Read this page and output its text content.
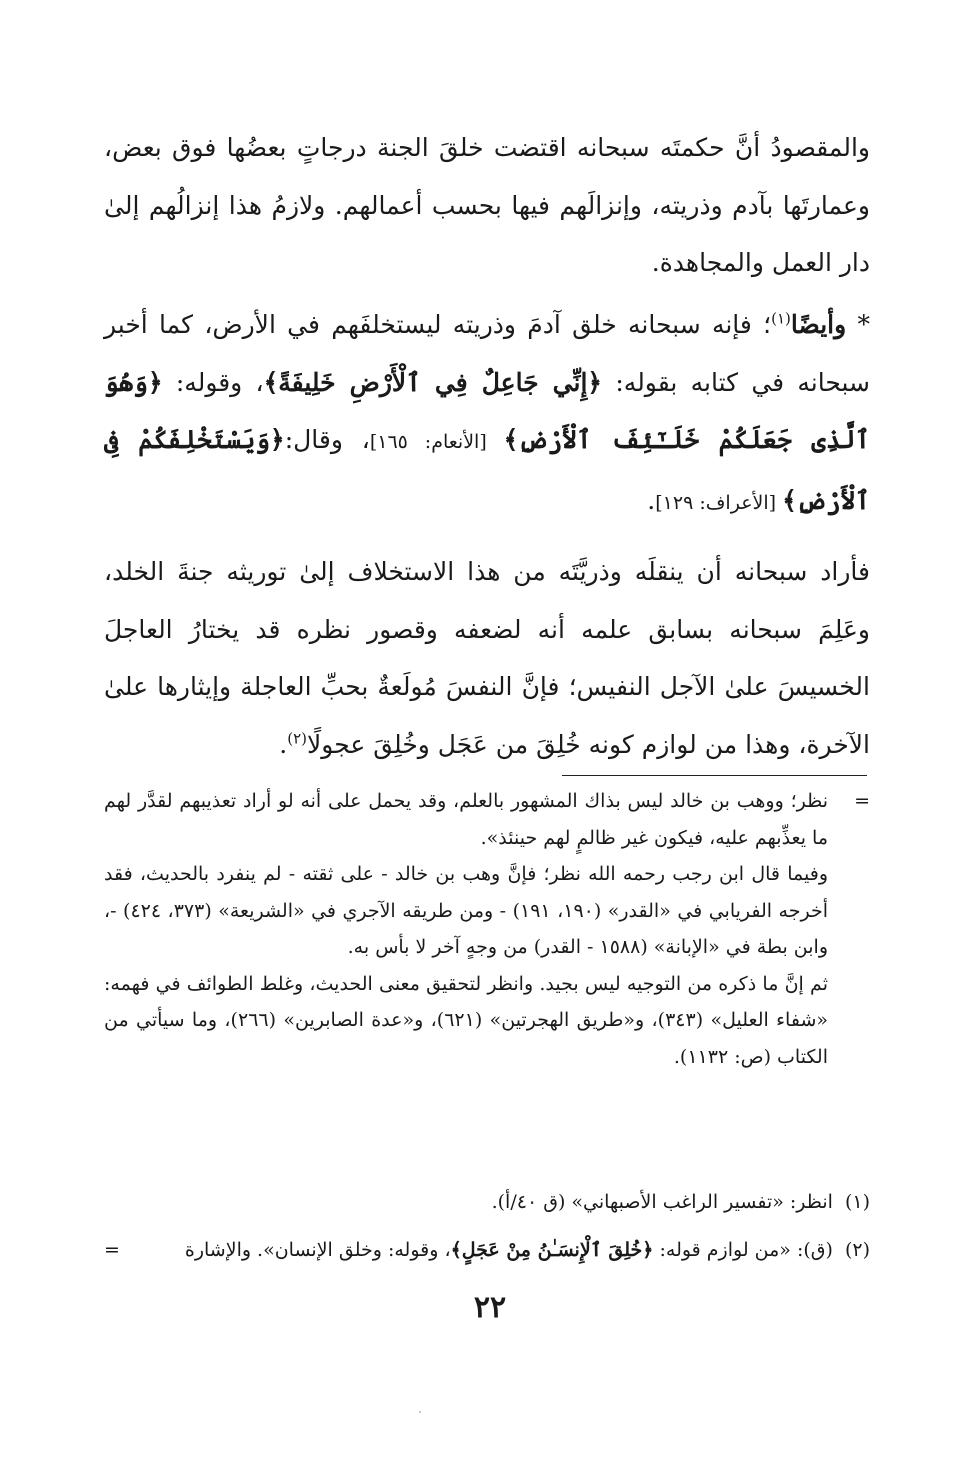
والمقصودُ أنَّ حكمتَه سبحانه اقتضت خلقَ الجنة درجاتٍ بعضُها فوق بعض، وعمارتَها بآدم وذريته، وإنزالَهم فيها بحسب أعمالهم. ولازمُ هذا إنزالُهم إلىٰ دار العمل والمجاهدة.

* وأيضًا$^{(١)}$؛ فإنه سبحانه خلق آدمَ وذريته ليستخلفَهم في الأرض، كما أخبر سبحانه في كتابه بقوله: ﴿إِنِّي جَاعِلٌ فِي ٱلْأَرْضِ خَلِيفَةً﴾، وقوله: ﴿وَهُوَ ٱلَّذِى جَعَلَكُمْ خَلَـٰٓئِفَ ٱلْأَرْضِ﴾ [الأنعام: ١٦٥]، وقال:﴿وَيَسْتَخْلِفَكُمْ فِى ٱلْأَرْضِ﴾ [الأعراف: ١٢٩].

فأراد سبحانه أن ينقلَه وذريَّتَه من هذا الاستخلاف إلىٰ توريثه جنةَ الخلد، وعَلِمَ سبحانه بسابق علمه أنه لضعفه وقصور نظره قد يختارُ العاجلَ الخسيسَ علىٰ الآجل النفيس؛ فإنَّ النفسَ مُولَعةٌ بحبِّ العاجلة وإيثارها علىٰ الآخرة، وهذا من لوازم كونه خُلِقَ من عَجَل وخُلِقَ عجولًا$^{(٢)}$.

=
نظر؛ ووهب بن خالد ليس بذاك المشهور بالعلم، وقد يحمل على أنه لو أراد تعذيبهم لقدَّر لهم ما يعذِّبهم عليه، فيكون غير ظالمٍ لهم حينئذ».
وفيما قال ابن رجب رحمه الله نظر؛ فإنَّ وهب بن خالد - على ثقته - لم ينفرد بالحديث، فقد أخرجه الفريابي في «القدر» (١٩٠، ١٩١) - ومن طريقه الآجري في «الشريعة» (٣٧٣، ٤٢٤) -، وابن بطة في «الإبانة» (١٥٨٨ - القدر) من وجهٍ آخر لا بأس به.
ثم إنَّ ما ذكره من التوجيه ليس بجيد. وانظر لتحقيق معنى الحديث، وغلط الطوائف في فهمه: «شفاء العليل» (٣٤٣)، و«طريق الهجرتين» (٦٢١)، و«عدة الصابرين» (٢٦٦)، وما سيأتي من الكتاب (ص: ١١٣٢).
(١)انظر: «تفسير الراغب الأصبهاني» (ق ٤٠/أ).
(٢)(ق): «من لوازم قوله: ﴿خُلِقَ ٱلْإِنسَـٰنُ مِنْ عَجَلٍ﴾، وقوله: وخلق الإنسان». والإشارة
=
٢٢
